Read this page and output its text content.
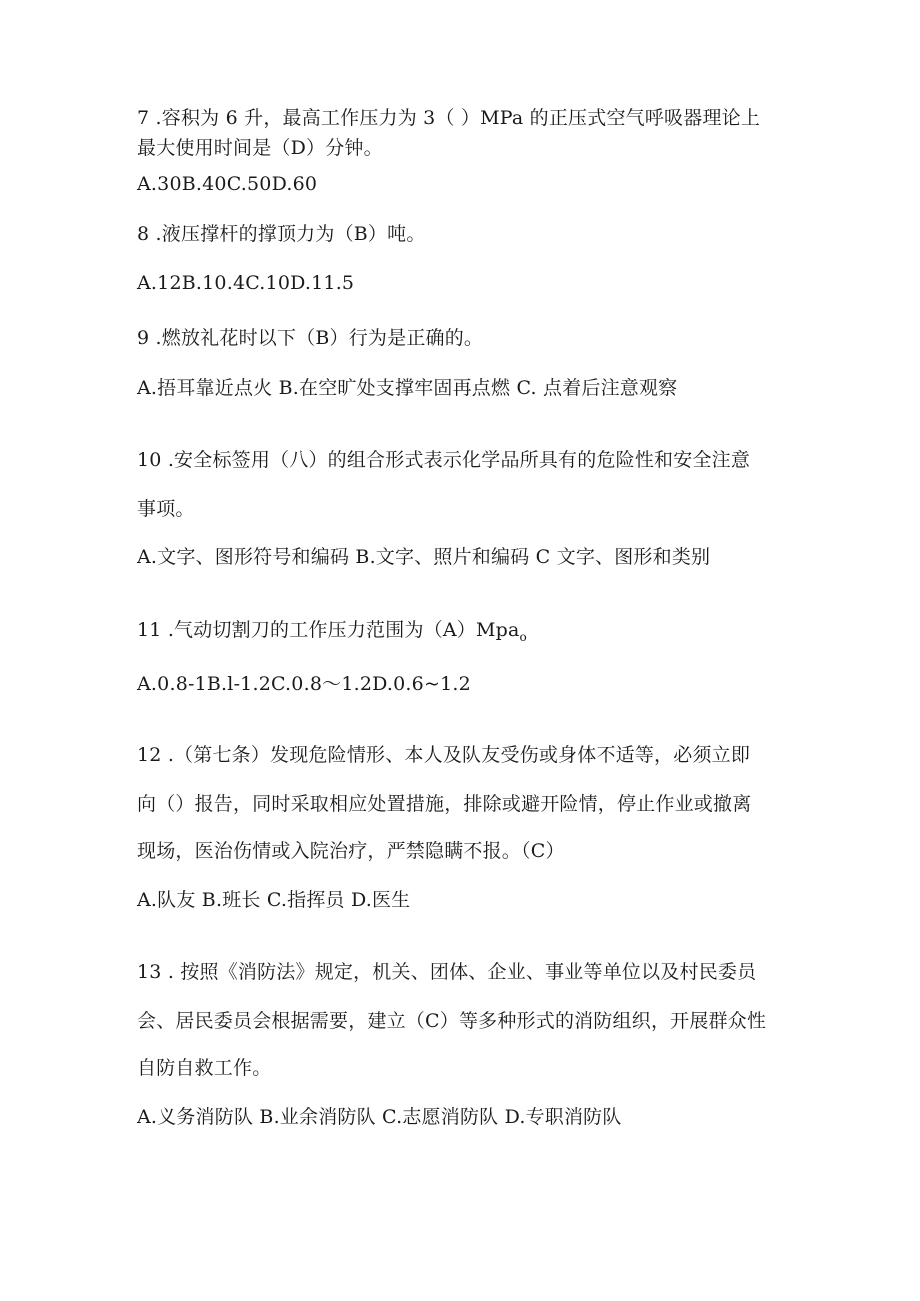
7 .容积为 6 升，最高工作压力为 3（ ）MPa 的正压式空气呼吸器理论上
最大使用时间是（D）分钟。
A.30B.40C.50D.60
8 .液压撑杆的撑顶力为（B）吨。
A.12B.10.4C.10D.11.5
9 .燃放礼花时以下（B）行为是正确的。
A.捂耳靠近点火 B.在空旷处支撑牢固再点燃 C. 点着后注意观察
10 .安全标签用（八）的组合形式表示化学品所具有的危险性和安全注意
事项。
A.文字、图形符号和编码 B.文字、照片和编码 C 文字、图形和类别
11 .气动切割刀的工作压力范围为（A）Mpa$_o$
A.0.8-1B.l-1.2C.0.8～1.2D.0.6~1.2
12 .（第七条）发现危险情形、本人及队友受伤或身体不适等，必须立即
向（）报告，同时采取相应处置措施，排除或避开险情，停止作业或撤离
现场，医治伤情或入院治疗，严禁隐瞒不报。（C）
A.队友 B.班长 C.指挥员 D.医生
13 . 按照《消防法》规定，机关、团体、企业、事业等单位以及村民委员
会、居民委员会根据需要，建立（C）等多种形式的消防组织，开展群众性
自防自救工作。
A.义务消防队 B.业余消防队 C.志愿消防队 D.专职消防队
